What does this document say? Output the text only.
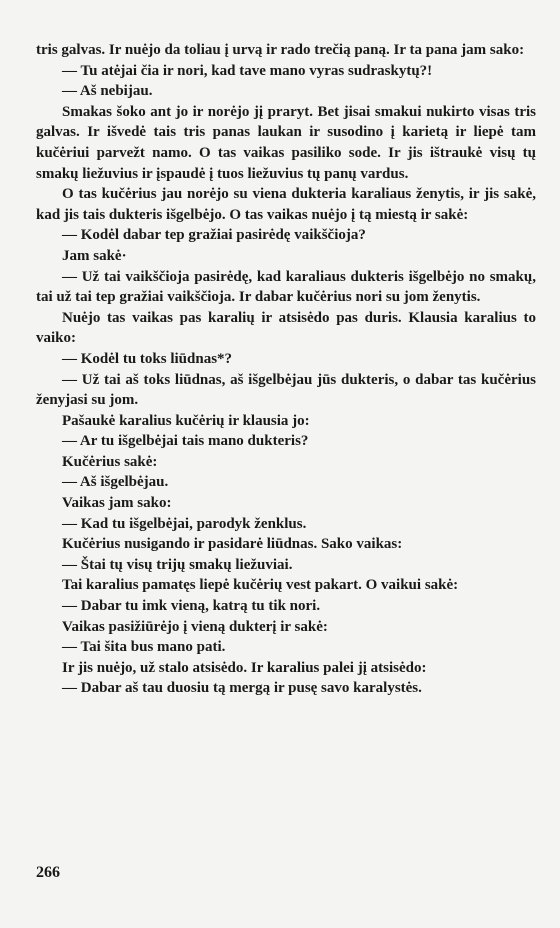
tris galvas. Ir nuėjo da toliau į urvą ir rado trečią paną. Ir ta pana jam sako:

— Tu atėjai čia ir nori, kad tave mano vyras sudraskytų?!

— Aš nebijau.

Smakas šoko ant jo ir norėjo jį praryt. Bet jisai smakui nukirto visas tris galvas. Ir išvedė tais tris panas laukan ir susodino į karietą ir liepė tam kučėriui parvežt namo. O tas vaikas pasiliko sode. Ir jis ištraukė visų tų smakų liežuvius ir įspaudė į tuos liežuvius tų panų vardus.

O tas kučėrius jau norėjo su viena dukteria karaliaus ženytis, ir jis sakė, kad jis tais dukteris išgelbėjo. O tas vaikas nuėjo į tą miestą ir sakė:

— Kodėl dabar tep gražiai pasirėdę vaikščioja?

Jam sakė·

— Už tai vaikščioja pasirėdę, kad karaliaus dukteris išgelbėjo no smakų, tai už tai tep gražiai vaikščioja. Ir dabar kučėrius nori su jom ženytis.

Nuėjo tas vaikas pas karalių ir atsisėdo pas duris. Klausia karalius to vaiko:

— Kodėl tu toks liūdnas*?

— Už tai aš toks liūdnas, aš išgelbėjau jūs dukteris, o dabar tas kučėrius ženyjasi su jom.

Pašaukė karalius kučėrių ir klausia jo:

— Ar tu išgelbėjai tais mano dukteris?

Kučėrius sakė:

— Aš išgelbėjau.

Vaikas jam sako:

— Kad tu išgelbėjai, parodyk ženklus.

Kučėrius nusigando ir pasidarė liūdnas. Sako vaikas:

— Štai tų visų trijų smakų liežuviai.

Tai karalius pamatęs liepė kučėrių vest pakart. O vaikui sakė:

— Dabar tu imk vieną, katrą tu tik nori.

Vaikas pasižiūrėjo į vieną dukterį ir sakė:

— Tai šita bus mano pati.

Ir jis nuėjo, už stalo atsisėdo. Ir karalius palei jį atsisėdo:

— Dabar aš tau duosiu tą mergą ir pusę savo karalystės.

266
